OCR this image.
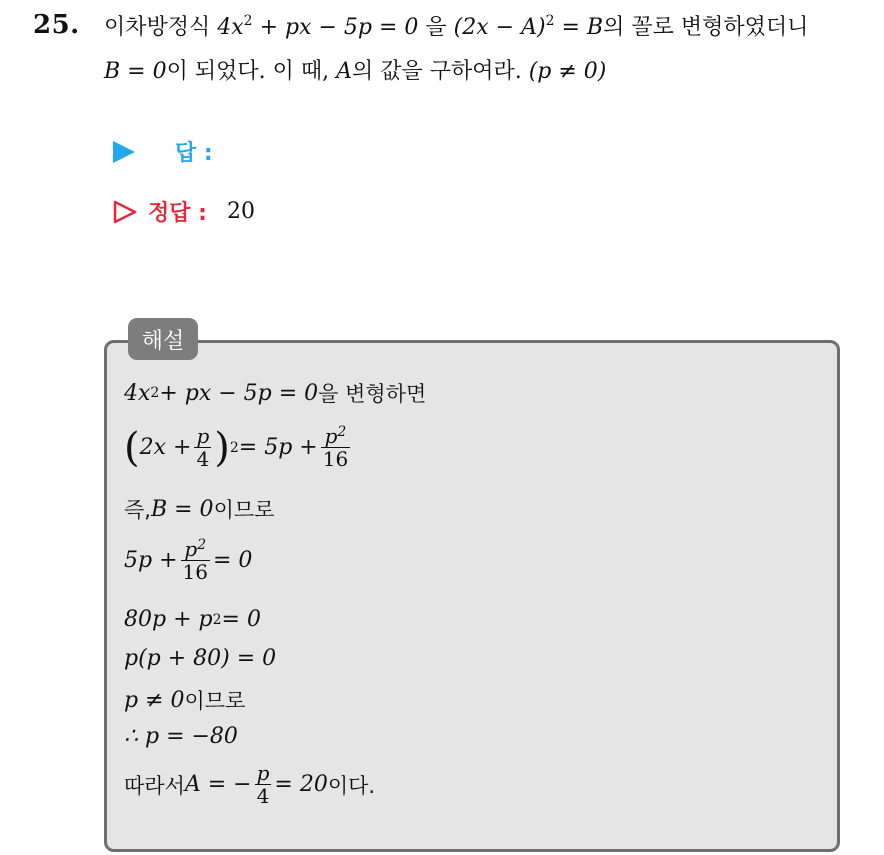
25. 이차방정식 $4x^2$ + px − 5p = 0 을 $(2x - A)^2 = B$의 꼴로 변형하였더니
B = 0이 되었다. 이 때, A의 값을 구하여라. (p ≠ 0)
답 :
정답 : 20
해설
4x 2 + px − 5p = 0 을 변형하면
( $2x + \frac{p}{4}$ ) $2 = 5p + \frac{p^2}{16}$
즉, B = 0 이므로
$5p + \frac{p^2}{16} = 0$
80p + p 2 = 0
p(p + 80) = 0
p ≠ 0 이므로
∴ p = −80
따라서 A = − $\frac{p}{4} = 20$ 이다.
